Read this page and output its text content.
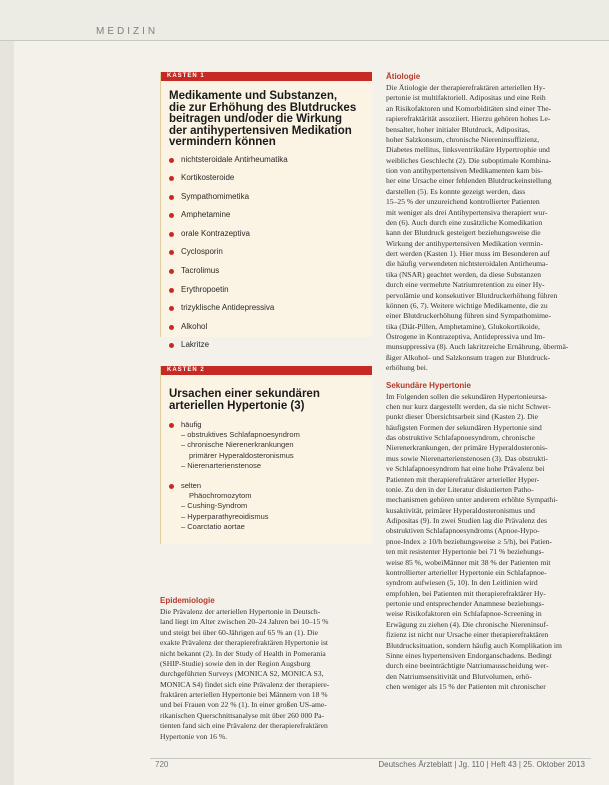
MEDIZIN
KASTEN 1
Medikamente und Substanzen,
die zur Erhöhung des Blutdruckes
beitragen und/oder die Wirkung
der antihypertensiven Medikation
vermindern können
nichtsteroidale Antirheumatika
Kortikosteroide
Sympathomimetika
Amphetamine
orale Kontrazeptiva
Cyclosporin
Tacrolimus
Erythropoetin
trizyklische Antidepressiva
Alkohol
Lakritze
KASTEN 2
Ursachen einer sekundären
arteriellen Hypertonie (3)
häufig
– obstruktives Schlafapnoesyndrom
– chronische Nierenerkrankungen
primärer Hyperaldosteronismus
– Nierenarterienstenose
selten
Phäochromozytom
– Cushing-Syndrom
– Hyperparathyreoidismus
– Coarctatio aortae
Epidemiologie
Die Prävalenz der arteriellen Hypertonie in Deutsch-
land liegt im Alter zwischen 20–24 Jahren bei 10–15 %
und steigt bei über 60-Jährigen auf 65 % an (1). Die
exakte Prävalenz der therapierefraktären Hypertonie ist
nicht bekannt (2). In der Study of Health in Pomerania
(SHIP-Studie) sowie den in der Region Augsburg
durchgeführten Surveys (MONICA S2, MONICA S3,
MONICA S4) findet sich eine Prävalenz der therapiere-
fraktären arteriellen Hypertonie bei Männern von 18 %
und bei Frauen von 22 % (1). In einer großen US-ame-
rikanischen Querschnittsanalyse mit über 260 000 Pa-
tienten fand sich eine Prävalenz der therapierefraktären
Hypertonie von 16 %.
Ätiologie
Die Ätiologie der therapierefraktären arteriellen Hy-
pertonie ist multifaktoriell. Adipositas und eine Reih
an Risikofaktoren und Komorbiditäten sind einer The-
rapierefraktärität assoziiert. Hierzu gehören hohes Le-
bensalter, hoher initialer Blutdruck, Adipositas,
hoher Salzkonsum, chronische Niereninsuffizienz,
Diabetes mellitus, linksventrikuläre Hypertrophie und
weibliches Geschlecht (2). Die suboptimale Kombina-
tion von antihypertensiven Medikamenten kam bis-
her eine Ursache einer fehlenden Blutdruckeinstellung
darstellen (5). Es konnte gezeigt werden, dass
15–25 % der unzureichend kontrollierter Patienten
mit weniger als drei Antihypertensiva therapiert wur-
den (6). Auch durch eine zusätzliche Komedikation
kann der Blutdruck gesteigert beziehungsweise die
Wirkung der antihypertensiven Medikation vermin-
dert werden (Kasten 1). Hier muss im Besonderen auf
die häufig verwendeten nichtsteroidalen Antirheuma-
tika (NSAR) geachtet werden, da diese Substanzen
durch eine vermehrte Natriumretention zu einer Hy-
pervolämie und konsekutiver Blutdruckerhöhung führen
können (6, 7). Weitere wichtige Medikamente, die zu
einer Blutdruckerhöhung führen sind Sympathomime-
tika (Diät-Pillen, Amphetamine), Glukokortikoide,
Östrogene in Kontrazeptiva, Antidepressiva und Im-
munsuppressiva (8). Auch lakritzreiche Ernährung, übermä-
ßiger Alkohol- und Salzkonsum tragen zur Blutdruck-
erhöhung bei.
Sekundäre Hypertonie
Im Folgenden sollen die sekundären Hypertonieursa-
chen nur kurz dargestellt werden, da sie nicht Schwer-
punkt dieser Übersichtsarbeit sind (Kasten 2). Die
häufigsten Formen der sekundären Hypertonie sind
das obstruktive Schlafapnoesyndrom, chronische
Nierenerkrankungen, der primäre Hyperaldosteronis-
mus sowie Nierenarterienstenosen (3). Das obstrukti-
ve Schlafapnoesyndrom hat eine hohe Prävalenz bei
Patienten mit therapierefraktärer arterieller Hyper-
tonie. Zu den in der Literatur diskutierten Patho-
mechanismen gehören unter anderem erhöhte Sympathi-
kusaktivität, primärer Hyperaldosteronismus und
Adipositas (9). In zwei Studien lag die Prävalenz des
obstruktiven Schlafapnoesyndroms (Apnoe-Hypo-
pnoe-Index ≥ 10/h beziehungsweise ≥ 5/h), bei Patien-
ten mit resistenter Hypertonie bei 71 % beziehungs-
weise 85 %, wobeiMänner mit 38 % der Patienten mit
kontrollierter arterieller Hypertonie ein Schlafapnoe-
syndrom aufwiesen (5, 10). In den Leitlinien wird
empfohlen, bei Patienten mit therapierefraktärer Hy-
pertonie und entsprechender Anamnese beziehungs-
weise Risikofaktoren ein Schlafapnoe-Screening in
Erwägung zu ziehen (4). Die chronische Niereninsuf-
fizienz ist nicht nur Ursache einer therapierefraktären
Blutdrucksituation, sondern häufig auch Komplikation im
Sinne eines hypertensiven Endorganschadens. Bedingt
durch eine beeinträchtigte Natriumausscheidung wer-
den Natriumsensitivität und Blutvolumen, erhö-
chen weniger als 15 % der Patienten mit chronischer
720	Deutsches Ärzteblatt | Jg. 110 | Heft 43 | 25. Oktober 2013
